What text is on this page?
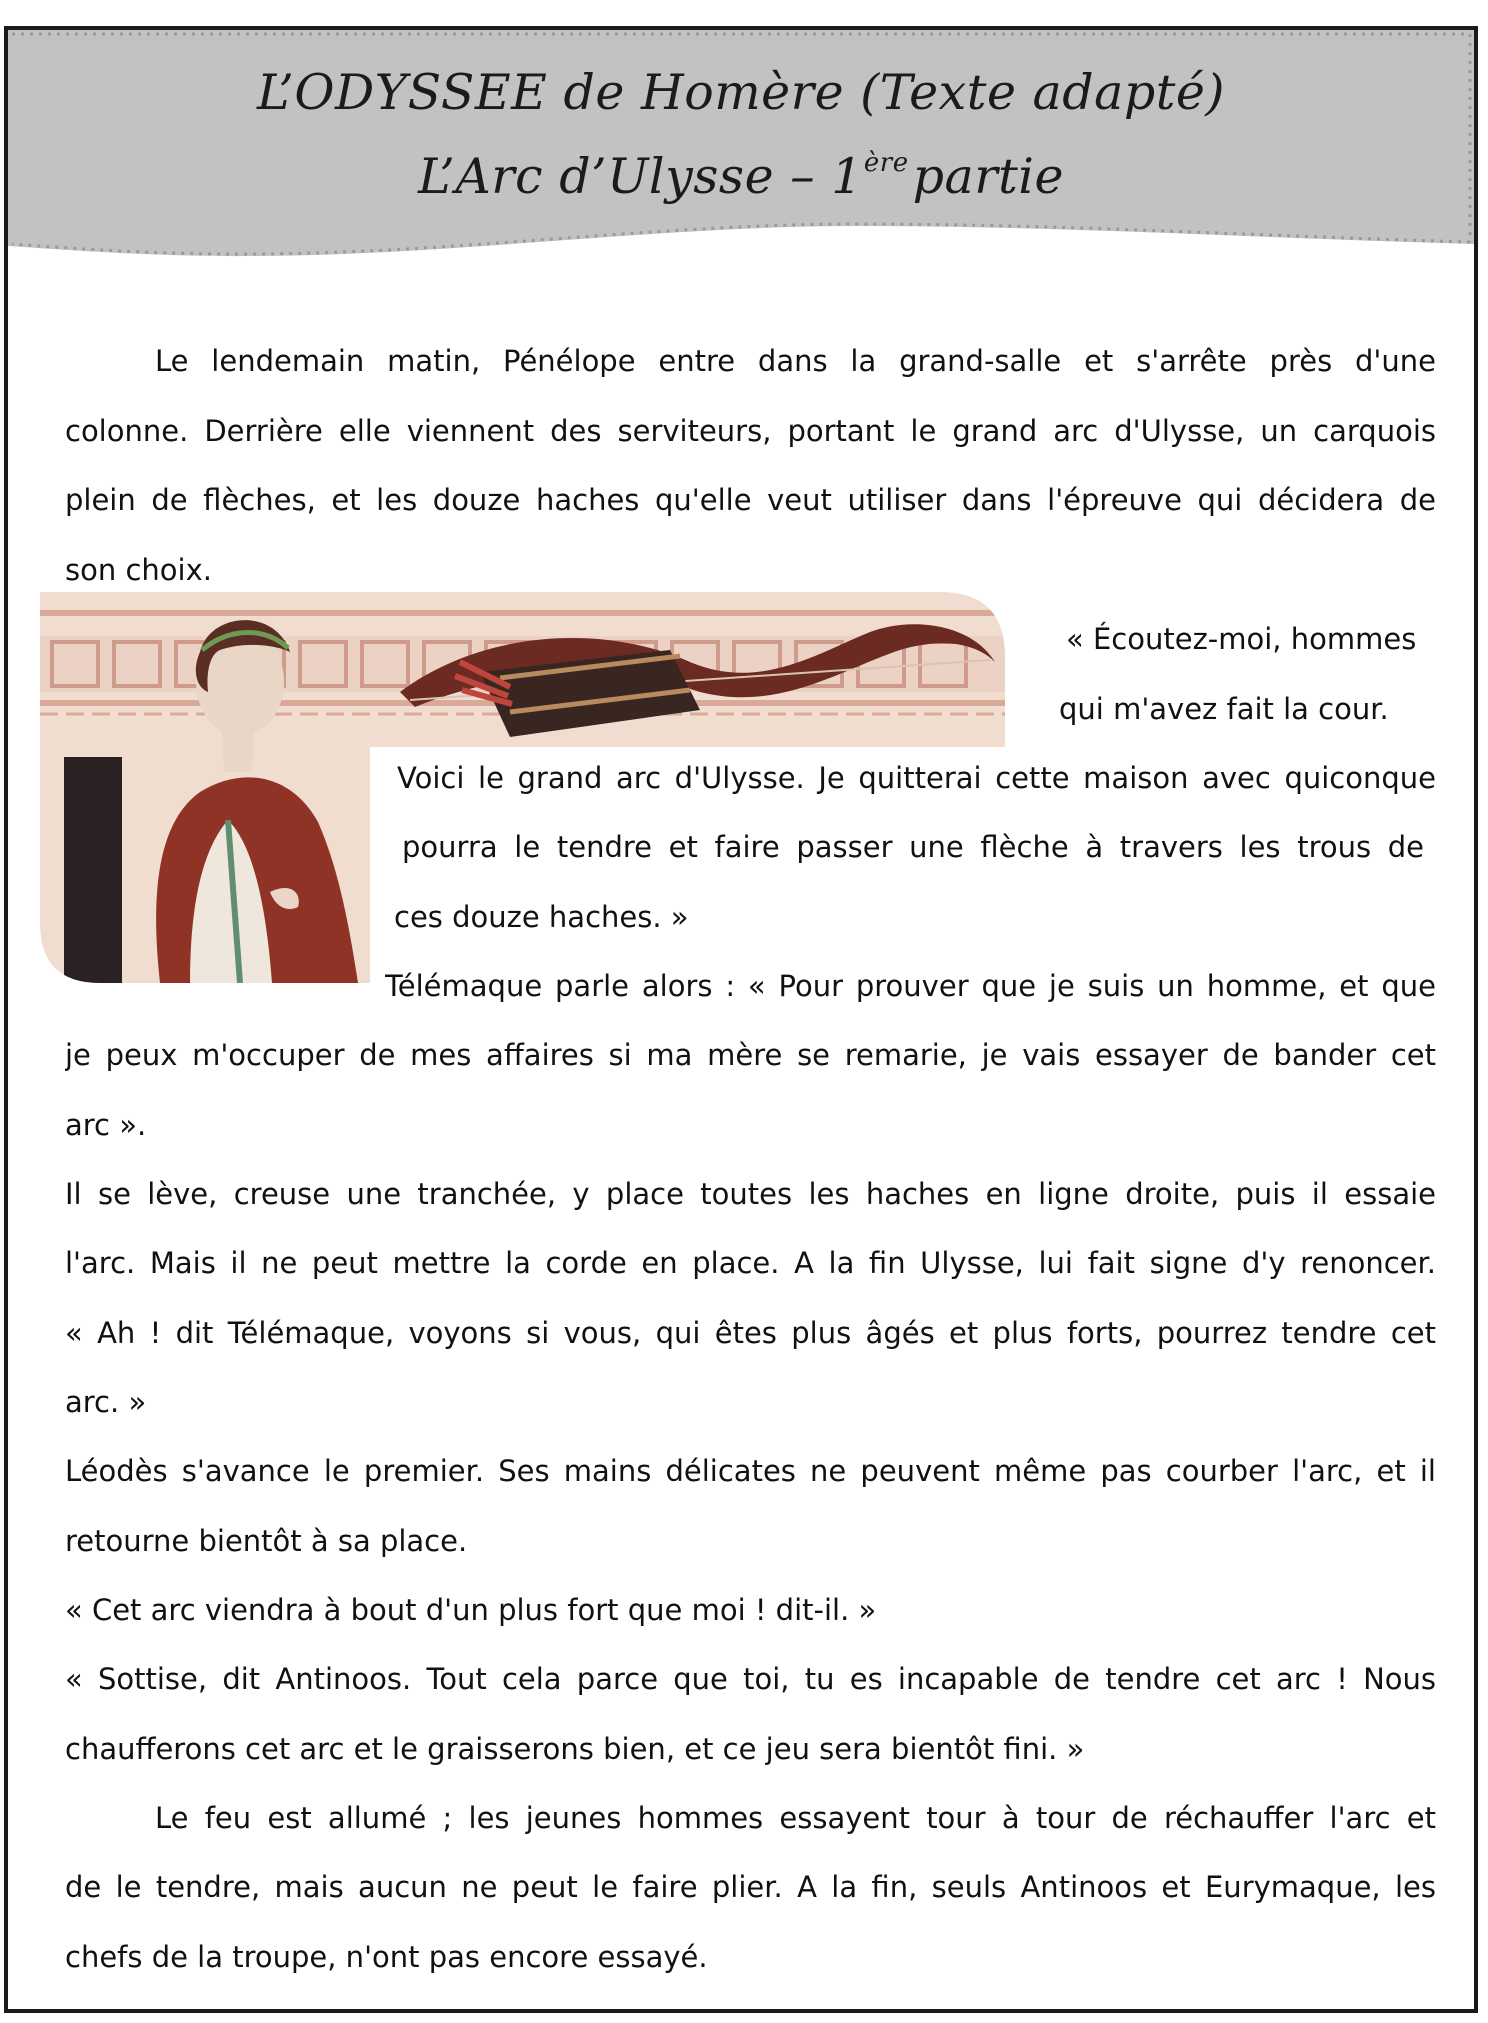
L’ODYSSEE de Homère (Texte adapté)
L’Arc d’Ulysse – 1èrepartie
Le lendemain matin, Pénélope entre dans la grand-salle et s'arrête près d'une
colonne. Derrière elle viennent des serviteurs, portant le grand arc d'Ulysse, un carquois
plein de flèches, et les douze haches qu'elle veut utiliser dans l'épreuve qui décidera de
son choix.
« Écoutez-moi, hommes
qui m'avez fait la cour.
Voici le grand arc d'Ulysse. Je quitterai cette maison avec quiconque
pourra le tendre et faire passer une flèche à travers les trous de
ces douze haches. »
Télémaque parle alors : « Pour prouver que je suis un homme, et que
je peux m'occuper de mes affaires si ma mère se remarie, je vais essayer de bander cet
arc ».
Il se lève, creuse une tranchée, y place toutes les haches en ligne droite, puis il essaie
l'arc. Mais il ne peut mettre la corde en place. A la fin Ulysse, lui fait signe d'y renoncer.
« Ah ! dit Télémaque, voyons si vous, qui êtes plus âgés et plus forts, pourrez tendre cet
arc. »
Léodès s'avance le premier. Ses mains délicates ne peuvent même pas courber l'arc, et il
retourne bientôt à sa place.
« Cet arc viendra à bout d'un plus fort que moi ! dit-il. »
« Sottise, dit Antinoos. Tout cela parce que toi, tu es incapable de tendre cet arc ! Nous
chaufferons cet arc et le graisserons bien, et ce jeu sera bientôt fini. »
Le feu est allumé ; les jeunes hommes essayent tour à tour de réchauffer l'arc et
de le tendre, mais aucun ne peut le faire plier. A la fin, seuls Antinoos et Eurymaque, les
chefs de la troupe, n'ont pas encore essayé.
